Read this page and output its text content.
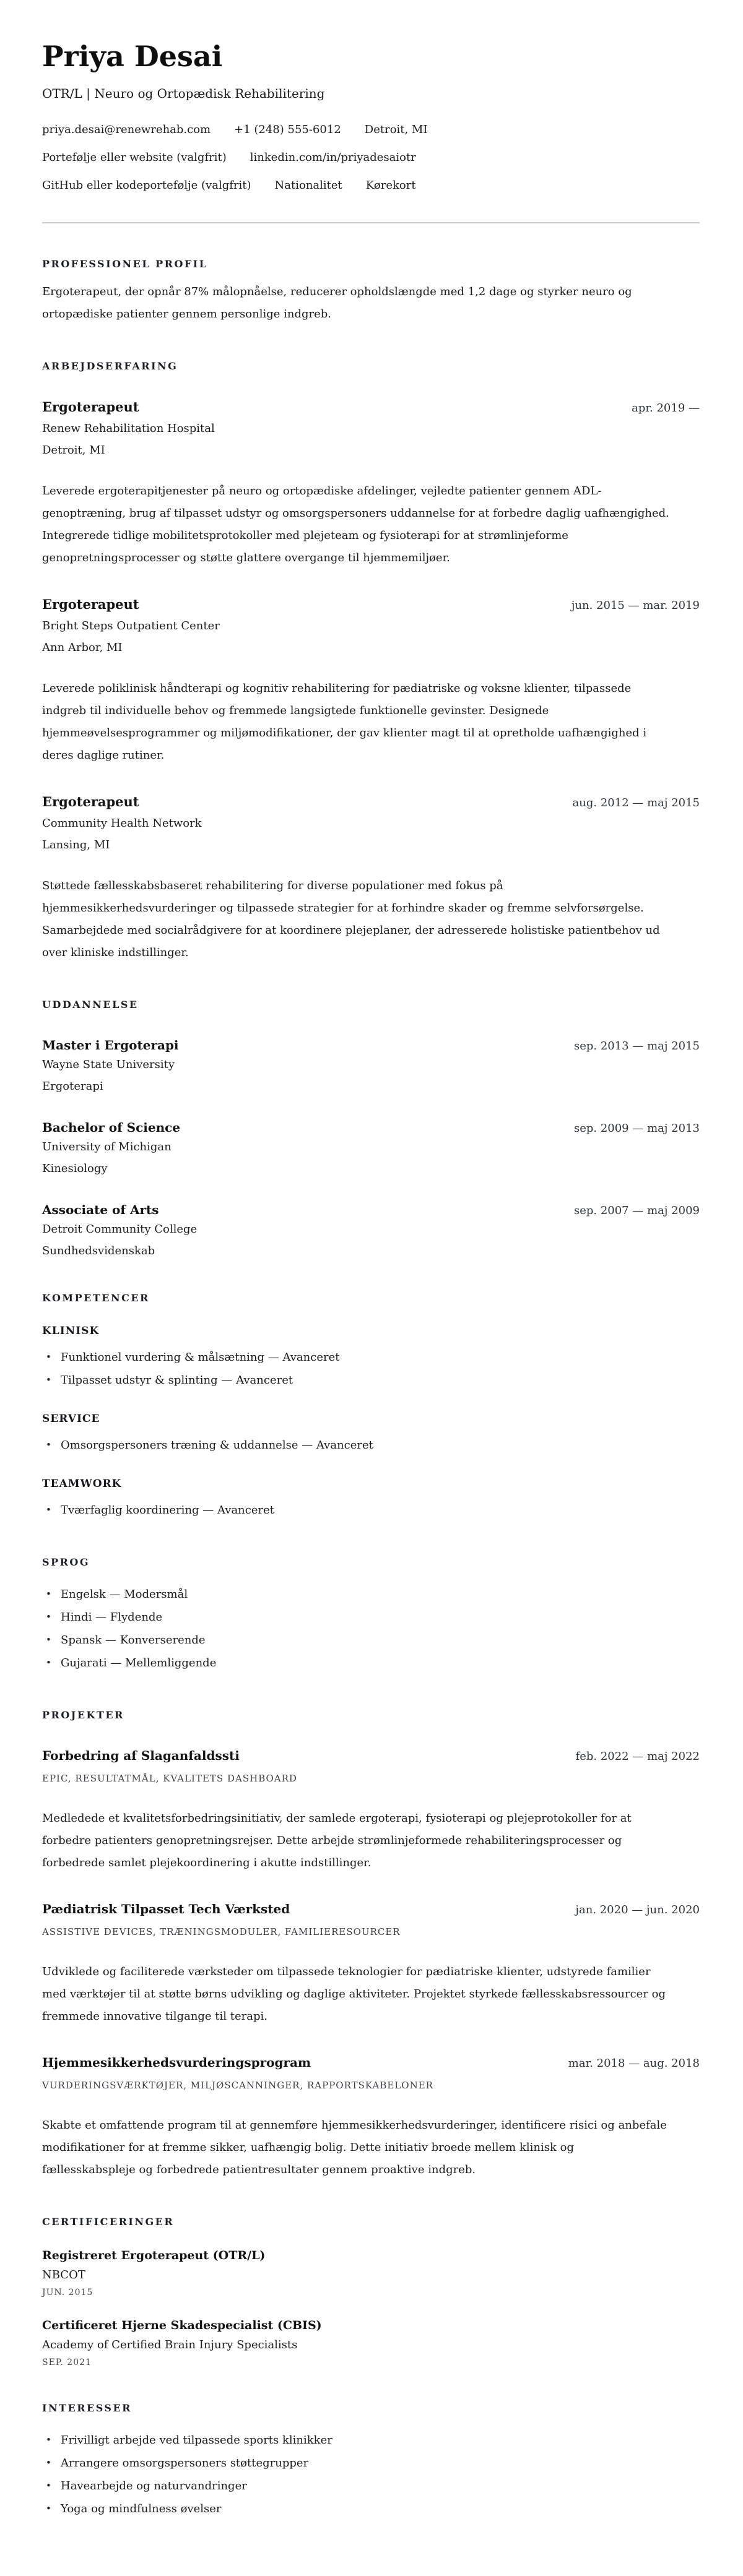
Priya Desai
OTR/L | Neuro og Ortopædisk Rehabilitering
priya.desai@renewrehab.com +1 (248) 555-6012 Detroit, MI
Portefølje eller website (valgfrit) linkedin.com/in/priyadesaiotr
GitHub eller kodeportefølje (valgfrit) Nationalitet Kørekort
PROFESSIONEL PROFIL

Ergoterapeut, der opnår 87% målopnåelse, reducerer opholdslængde med 1,2 dage og styrker neuro og ortopædiske patienter gennem personlige indgreb.

ARBEJDSERFARING
Ergoterapeut	apr. 2019 —
Renew Rehabilitation Hospital
Detroit, MI

Leverede ergoterapitjenester på neuro og ortopædiske afdelinger, vejledte patienter gennem ADL-genoptræning, brug af tilpasset udstyr og omsorgspersoners uddannelse for at forbedre daglig uafhængighed. Integrerede tidlige mobilitetsprotokoller med plejeteam og fysioterapi for at strømlinjeforme genopretningsprocesser og støtte glattere overgange til hjemmemiljøer.

Ergoterapeut	jun. 2015 — mar. 2019
Bright Steps Outpatient Center
Ann Arbor, MI

Leverede poliklinisk håndterapi og kognitiv rehabilitering for pædiatriske og voksne klienter, tilpassede indgreb til individuelle behov og fremmede langsigtede funktionelle gevinster. Designede hjemmeøvelsesprogrammer og miljømodifikationer, der gav klienter magt til at opretholde uafhængighed i deres daglige rutiner.

Ergoterapeut	aug. 2012 — maj 2015
Community Health Network
Lansing, MI

Støttede fællesskabsbaseret rehabilitering for diverse populationer med fokus på hjemmesikkerhedsvurderinger og tilpassede strategier for at forhindre skader og fremme selvforsørgelse. Samarbejdede med socialrådgivere for at koordinere plejeplaner, der adresserede holistiske patientbehov ud over kliniske indstillinger.

UDDANNELSE
Master i Ergoterapi	sep. 2013 — maj 2015
Wayne State University
Ergoterapi
Bachelor of Science	sep. 2009 — maj 2013
University of Michigan
Kinesiology
Associate of Arts	sep. 2007 — maj 2009
Detroit Community College
Sundhedsvidenskab
KOMPETENCER
KLINISK
• Funktionel vurdering & målsætning — Avanceret
• Tilpasset udstyr & splinting — Avanceret
SERVICE
• Omsorgspersoners træning & uddannelse — Avanceret
TEAMWORK
• Tværfaglig koordinering — Avanceret
SPROG
• Engelsk — Modersmål
• Hindi — Flydende
• Spansk — Konverserende
• Gujarati — Mellemliggende
PROJEKTER
Forbedring af Slaganfaldssti	feb. 2022 — maj 2022
EPIC, RESULTATMÅL, KVALITETS DASHBOARD

Medledede et kvalitetsforbedringsinitiativ, der samlede ergoterapi, fysioterapi og plejeprotokoller for at forbedre patienters genopretningsrejser. Dette arbejde strømlinjeformede rehabiliteringsprocesser og forbedrede samlet plejekoordinering i akutte indstillinger.

Pædiatrisk Tilpasset Tech Værksted	jan. 2020 — jun. 2020
ASSISTIVE DEVICES, TRÆNINGSMODULER, FAMILIERESOURCER

Udviklede og faciliterede værksteder om tilpassede teknologier for pædiatriske klienter, udstyrede familier med værktøjer til at støtte børns udvikling og daglige aktiviteter. Projektet styrkede fællesskabsressourcer og fremmede innovative tilgange til terapi.

Hjemmesikkerhedsvurderingsprogram	mar. 2018 — aug. 2018
VURDERINGSVÆRKTØJER, MILJØSCANNINGER, RAPPORTSKABELONER

Skabte et omfattende program til at gennemføre hjemmesikkerhedsvurderinger, identificere risici og anbefale modifikationer for at fremme sikker, uafhængig bolig. Dette initiativ broede mellem klinisk og fællesskabspleje og forbedrede patientresultater gennem proaktive indgreb.

CERTIFICERINGER
Registreret Ergoterapeut (OTR/L)
NBCOT
JUN. 2015
Certificeret Hjerne Skadespecialist (CBIS)
Academy of Certified Brain Injury Specialists
SEP. 2021
INTERESSER
• Frivilligt arbejde ved tilpassede sports klinikker
• Arrangere omsorgspersoners støttegrupper
• Havearbejde og naturvandringer
• Yoga og mindfulness øvelser
